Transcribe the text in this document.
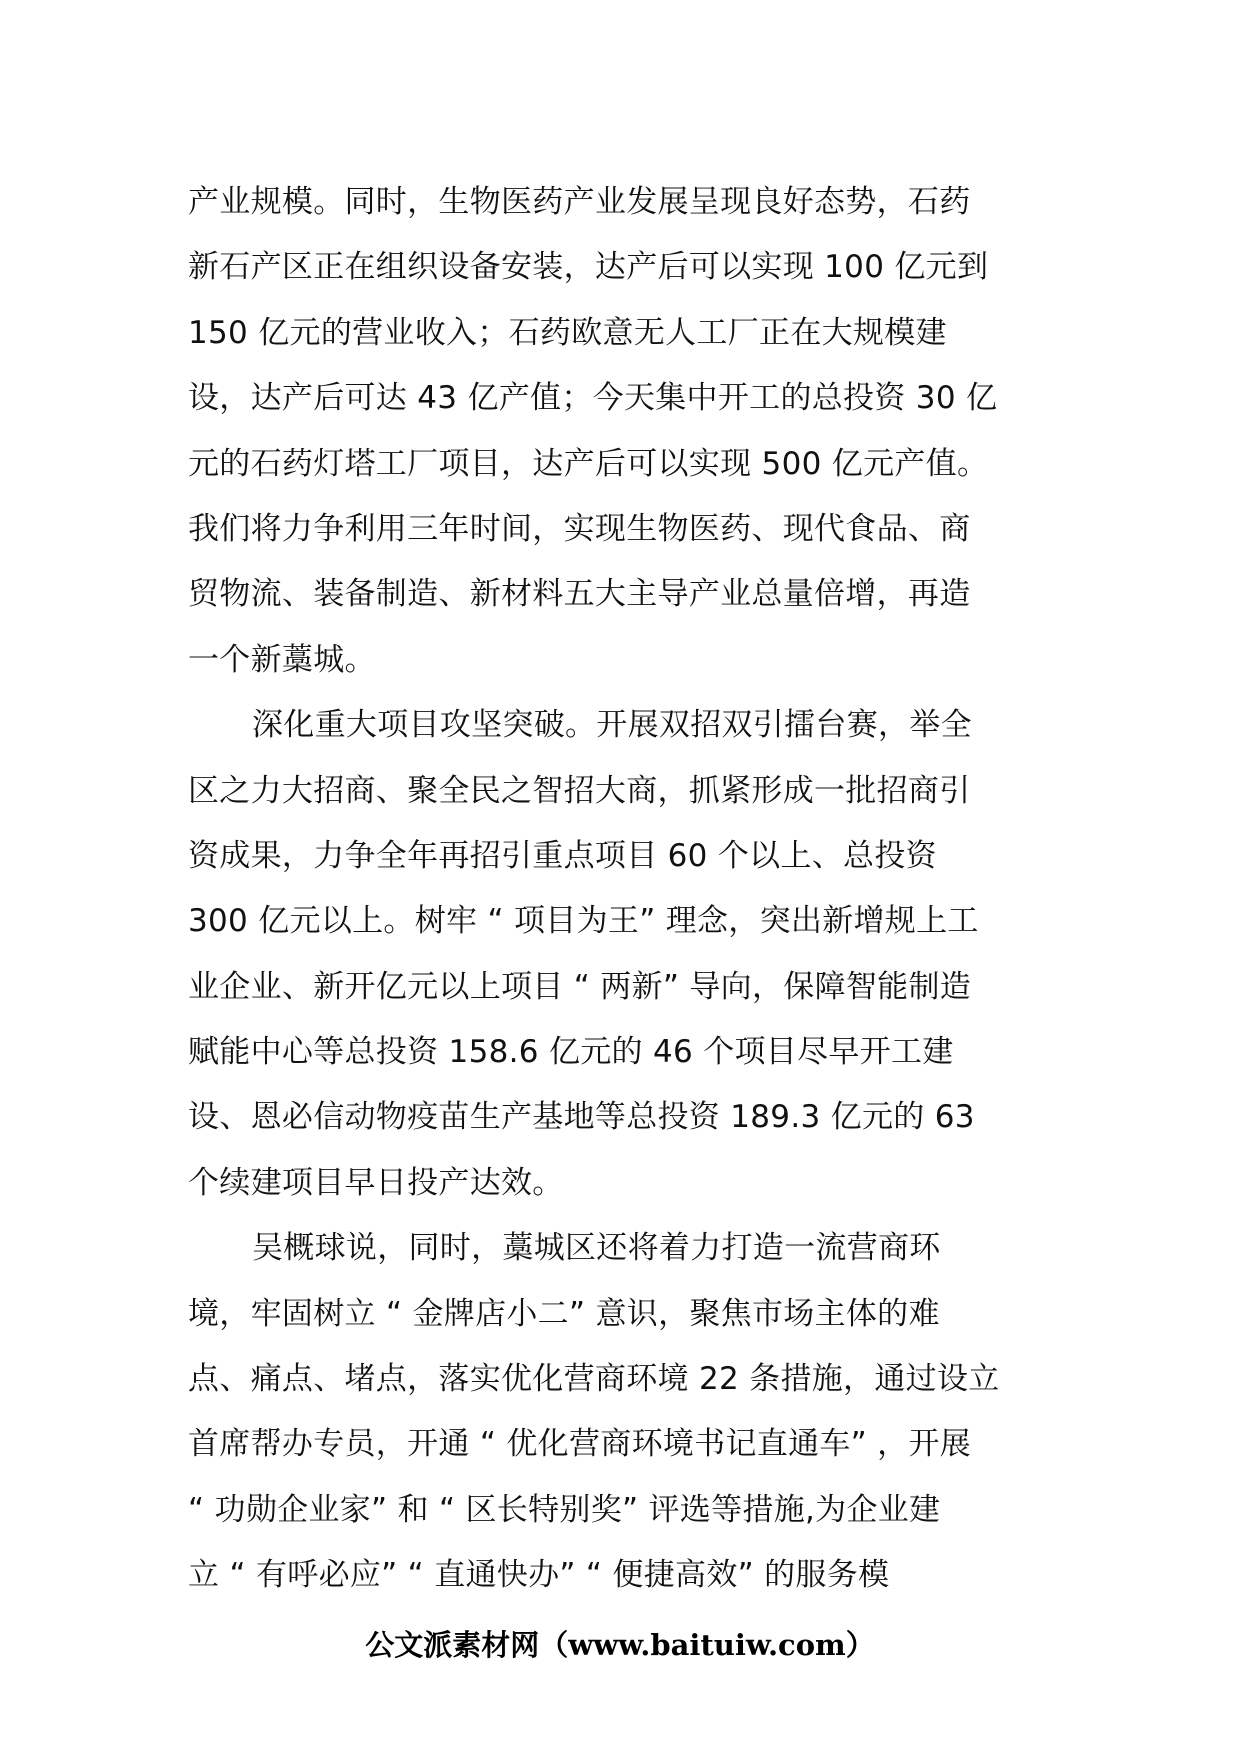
产业规模。同时，生物医药产业发展呈现良好态势，石药
新石产区正在组织设备安装，达产后可以实现 100 亿元到
150 亿元的营业收入；石药欧意无人工厂正在大规模建
设，达产后可达 43 亿产值；今天集中开工的总投资 30 亿
元的石药灯塔工厂项目，达产后可以实现 500 亿元产值。
我们将力争利用三年时间，实现生物医药、现代食品、商
贸物流、装备制造、新材料五大主导产业总量倍增，再造
一个新藁城。
深化重大项目攻坚突破。开展双招双引擂台赛，举全
区之力大招商、聚全民之智招大商，抓紧形成一批招商引
资成果，力争全年再招引重点项目 60 个以上、总投资
300 亿元以上。树牢 “ 项目为王” 理念，突出新增规上工
业企业、新开亿元以上项目 “ 两新” 导向，保障智能制造
赋能中心等总投资 158.6 亿元的 46 个项目尽早开工建
设、恩必信动物疫苗生产基地等总投资 189.3 亿元的 63
个续建项目早日投产达效。
吴概球说，同时，藁城区还将着力打造一流营商环
境，牢固树立 “ 金牌店小二” 意识，聚焦市场主体的难
点、痛点、堵点，落实优化营商环境 22 条措施，通过设立
首席帮办专员，开通 “ 优化营商环境书记直通车” ，开展
“ 功勋企业家” 和 “ 区长特别奖” 评选等措施,为企业建
立 “ 有呼必应” “ 直通快办” “ 便捷高效” 的服务模
公文派素材网（www.baituiw.com）
